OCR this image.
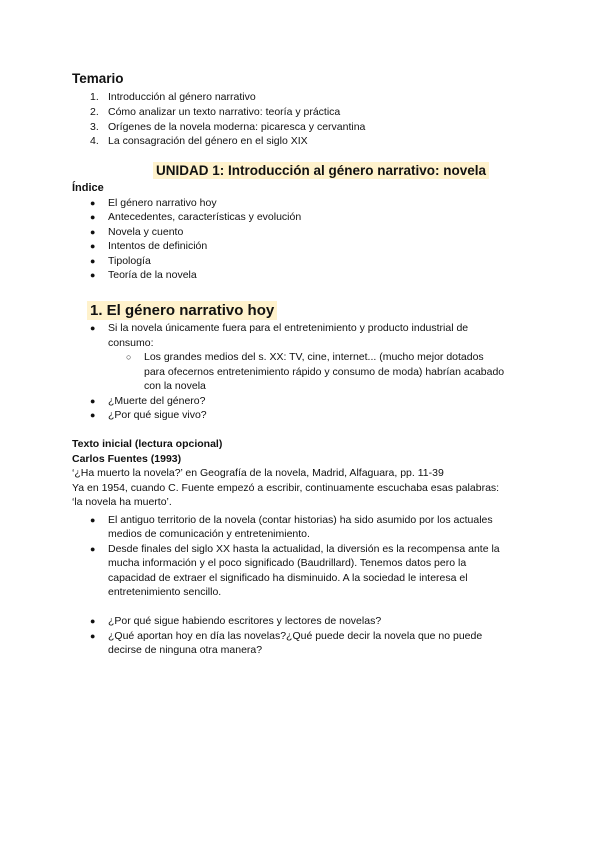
Temario
1. Introducción al género narrativo
2. Cómo analizar un texto narrativo: teoría y práctica
3. Orígenes de la novela moderna: picaresca y cervantina
4. La consagración del género en el siglo XIX
UNIDAD 1: Introducción al género narrativo: novela
Índice
● El género narrativo hoy
● Antecedentes, características y evolución
● Novela y cuento
● Intentos de definición
● Tipología
● Teoría de la novela
1. El género narrativo hoy
● Si la novela únicamente fuera para el entretenimiento y producto industrial de
consumo:
○ Los grandes medios del s. XX: TV, cine, internet... (mucho mejor dotados
para ofecernos entretenimiento rápido y consumo de moda) habrían acabado
con la novela
● ¿Muerte del género?
● ¿Por qué sigue vivo?
Texto inicial (lectura opcional)
Carlos Fuentes (1993)
‘¿Ha muerto la novela?’ en Geografía de la novela, Madrid, Alfaguara, pp. 11-39
Ya en 1954, cuando C. Fuente empezó a escribir, continuamente escuchaba esas palabras:
‘la novela ha muerto’.
● El antiguo territorio de la novela (contar historias) ha sido asumido por los actuales
medios de comunicación y entretenimiento.
● Desde finales del siglo XX hasta la actualidad, la diversión es la recompensa ante la
mucha información y el poco significado (Baudrillard). Tenemos datos pero la
capacidad de extraer el significado ha disminuido. A la sociedad le interesa el
entretenimiento sencillo.
● ¿Por qué sigue habiendo escritores y lectores de novelas?
● ¿Qué aportan hoy en día las novelas?¿Qué puede decir la novela que no puede
decirse de ninguna otra manera?
